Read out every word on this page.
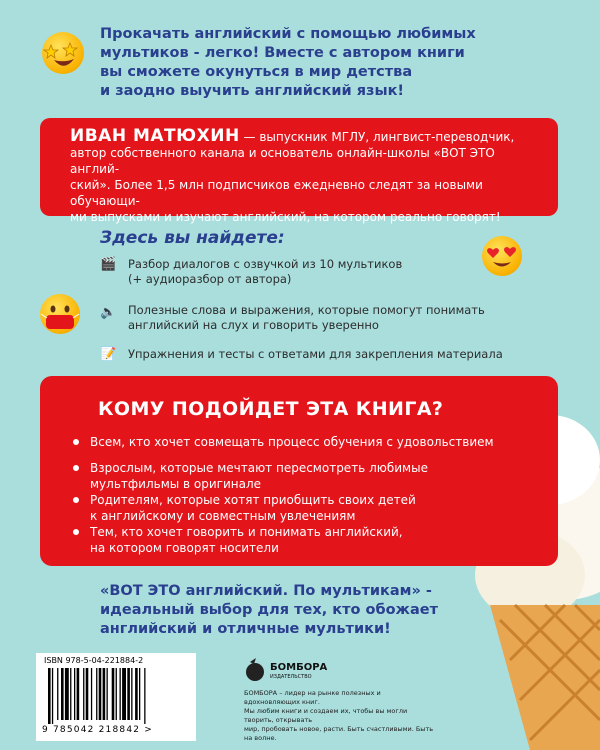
Прокачать английский с помощью любимых
мультиков - легко! Вместе с автором книги
вы сможете окунуться в мир детства
и заодно выучить английский язык!
ИВАН МАТЮХИН — выпускник МГЛУ, лингвист-переводчик,
автор собственного канала и основатель онлайн-школы «ВОТ ЭТО англий-
ский». Более 1,5 млн подписчиков ежедневно следят за новыми обучающи-
ми выпусками и изучают английский, на котором реально говорят!
Здесь вы найдете:
🎬 Разбор диалогов с озвучкой из 10 мультиков
(+ аудиоразбор от автора)
🔈 Полезные слова и выражения, которые помогут понимать
английский на слух и говорить уверенно
📝 Упражнения и тесты с ответами для закрепления материала
КОМУ ПОДОЙДЕТ ЭТА КНИГА?
Всем, кто хочет совмещать процесс обучения с удовольствием
Взрослым, которые мечтают пересмотреть любимые
мультфильмы в оригинале
Родителям, которые хотят приобщить своих детей
к английскому и совместным увлечениям
Тем, кто хочет говорить и понимать английский,
на котором говорят носители
«ВОТ ЭТО английский. По мультикам» -
идеальный выбор для тех, кто обожает
английский и отличные мультики!
ISBN 978-5-04-221884-2
9 785042 218842 >
БОМБОРА
ИЗДАТЕЛЬСТВО
БОМБОРА – лидер на рынке полезных и вдохновляющих книг.
Мы любим книги и создаем их, чтобы вы могли творить, открывать
мир, пробовать новое, расти. Быть счастливыми. Быть на волне.
